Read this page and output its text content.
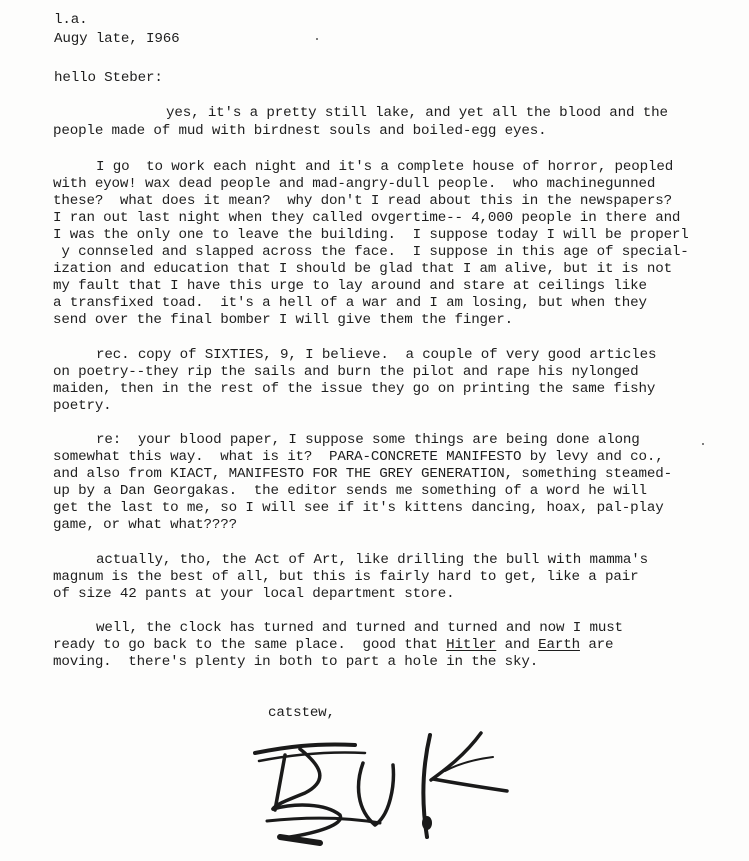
l.a.
Augy late, I966
hello Steber:
yes, it's a pretty still lake, and yet all the blood and the
people made of mud with birdnest souls and boiled-egg eyes.
I go  to work each night and it's a complete house of horror, peopled
with eyow! wax dead people and mad-angry-dull people.  who machinegunned
these?  what does it mean?  why don't I read about this in the newspapers?
I ran out last night when they called ovgertime-- 4,000 people in there and
I was the only one to leave the building.  I suppose today I will be properl
y connseled and slapped across the face.  I suppose in this age of special-
ization and education that I should be glad that I am alive, but it is not
my fault that I have this urge to lay around and stare at ceilings like
a transfixed toad.  it's a hell of a war and I am losing, but when they
send over the final bomber I will give them the finger.
rec. copy of SIXTIES, 9, I believe.  a couple of very good articles
on poetry--they rip the sails and burn the pilot and rape his nylonged
maiden, then in the rest of the issue they go on printing the same fishy
poetry.
re:  your blood paper, I suppose some things are being done along
somewhat this way.  what is it?  PARA-CONCRETE MANIFESTO by levy and co.,
and also from KIACT, MANIFESTO FOR THE GREY GENERATION, something steamed-
up by a Dan Georgakas.  the editor sends me something of a word he will
get the last to me, so I will see if it's kittens dancing, hoax, pal-play
game, or what what????
actually, tho, the Act of Art, like drilling the bull with mamma's
magnum is the best of all, but this is fairly hard to get, like a pair
of size 42 pants at your local department store.
well, the clock has turned and turned and turned and now I must
ready to go back to the same place.  good that Hitler and Earth are
moving.  there's plenty in both to part a hole in the sky.
catstew,
